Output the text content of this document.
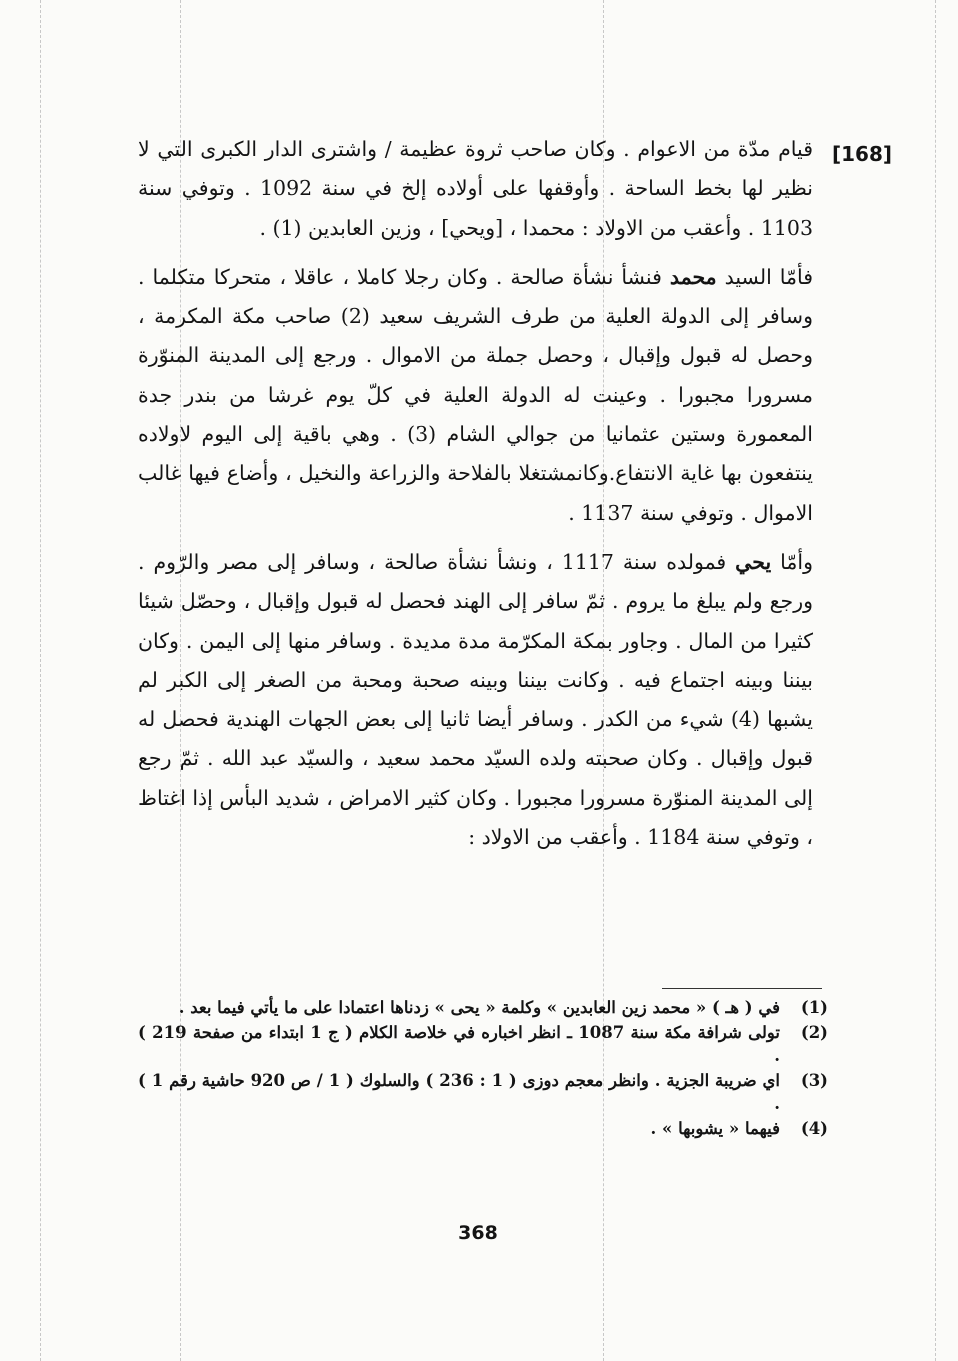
[168]

قيام مدّة من الاعوام . وكان صاحب ثروة عظيمة / واشترى الدار الكبرى التي لا نظير لها بخط الساحة . وأوقفها على أولاده إلخ في سنة 1092 . وتوفي سنة 1103 . وأعقب من الاولاد : محمدا ، [ويحي] ، وزين العابدين (1) .

فأمّا السيد محمد فنشأ نشأة صالحة . وكان رجلا كاملا ، عاقلا ، متحركا متكلما . وسافر إلى الدولة العلية من طرف الشريف سعيد (2) صاحب مكة المكرمة ، وحصل له قبول وإقبال ، وحصل جملة من الاموال . ورجع إلى المدينة المنوّرة مسرورا مجبورا . وعينت له الدولة العلية في كلّ يوم غرشا من بندر جدة المعمورة وستين عثمانيا من جوالي الشام (3) . وهي باقية إلى اليوم لاولاده ينتفعون بها غاية الانتفاع.وكانمشتغلا بالفلاحة والزراعة والنخيل ، وأضاع فيها غالب الاموال . وتوفي سنة 1137 .

وأمّا يحي فمولده سنة 1117 ، ونشأ نشأة صالحة ، وسافر إلى مصر والرّوم . ورجع ولم يبلغ ما يروم . ثمّ سافر إلى الهند فحصل له قبول وإقبال ، وحصّل شيئا كثيرا من المال . وجاور بمكة المكرّمة مدة مديدة . وسافر منها إلى اليمن . وكان بيننا وبينه اجتماع فيه . وكانت بيننا وبينه صحبة ومحبة من الصغر إلى الكبر لم يشبها (4) شيء من الكدر . وسافر أيضا ثانيا إلى بعض الجهات الهندية فحصل له قبول وإقبال . وكان صحبته ولده السيّد محمد سعيد ، والسيّد عبد الله . ثمّ رجع إلى المدينة المنوّرة مسرورا مجبورا . وكان كثير الامراض ، شديد البأس إذا اغتاظ ، وتوفي سنة 1184 . وأعقب من الاولاد :

(1)
في ( هـ ) « محمد زين العابدين » وكلمة « يحى » زدناها اعتمادا على ما يأتي فيما بعد .
(2)
تولى شرافة مكة سنة 1087 ـ انظر اخباره في خلاصة الكلام ( ج 1 ابتداء من صفحة 219 ) .
(3)
اي ضريبة الجزية . وانظر معجم دوزى ( 1 : 236 ) والسلوك ( 1 / ص 920 حاشية رقم 1 ) .
(4)
فيهما « يشوبها » .
368
